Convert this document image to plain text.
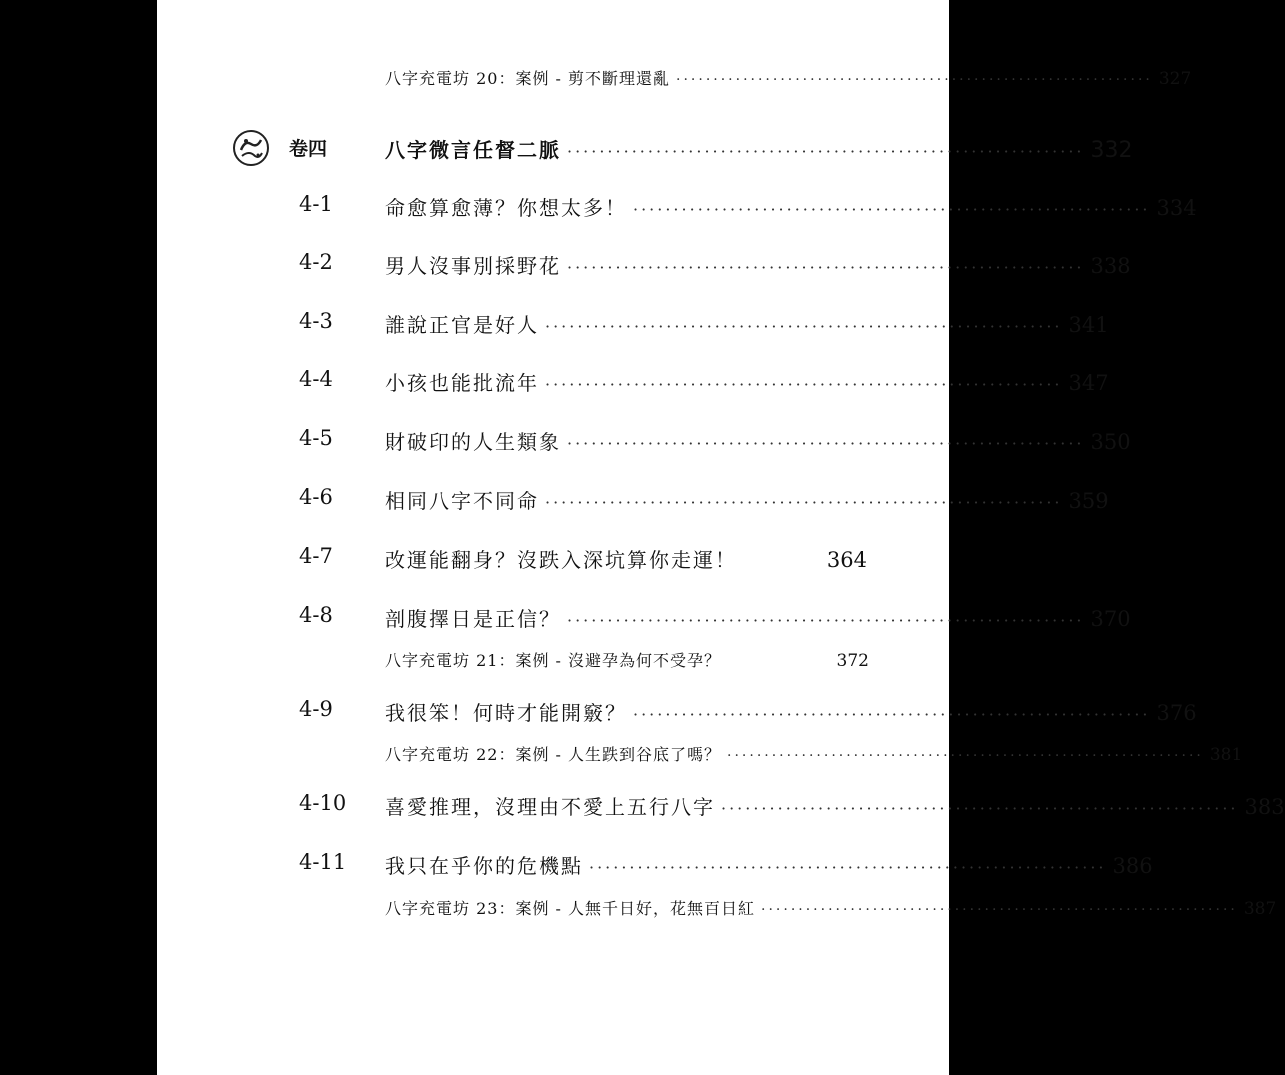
八字充電坊 20：案例 - 剪不斷理還亂 ································································ 327
卷四	八字微言任督二脈 ································································ 332
4-1	命愈算愈薄？你想太多！ ································································ 334
4-2	男人沒事別採野花 ································································ 338
4-3	誰說正官是好人 ································································ 341
4-4	小孩也能批流年 ································································ 347
4-5	財破印的人生類象 ································································ 350
4-6	相同八字不同命 ································································ 359
4-7	改運能翻身？沒跌入深坑算你走運！ ·	364
4-8	剖腹擇日是正信？ ································································ 370
八字充電坊 21：案例 - 沒避孕為何不受孕？ ·	372
4-9	我很笨！何時才能開竅？ ································································ 376
八字充電坊 22：案例 - 人生跌到谷底了嗎？ ································································ 381
4-10 喜愛推理，沒理由不愛上五行八字 ································································ 383
4-11 我只在乎你的危機點 ································································ 386
八字充電坊 23：案例 - 人無千日好，花無百日紅 ································································ 387
